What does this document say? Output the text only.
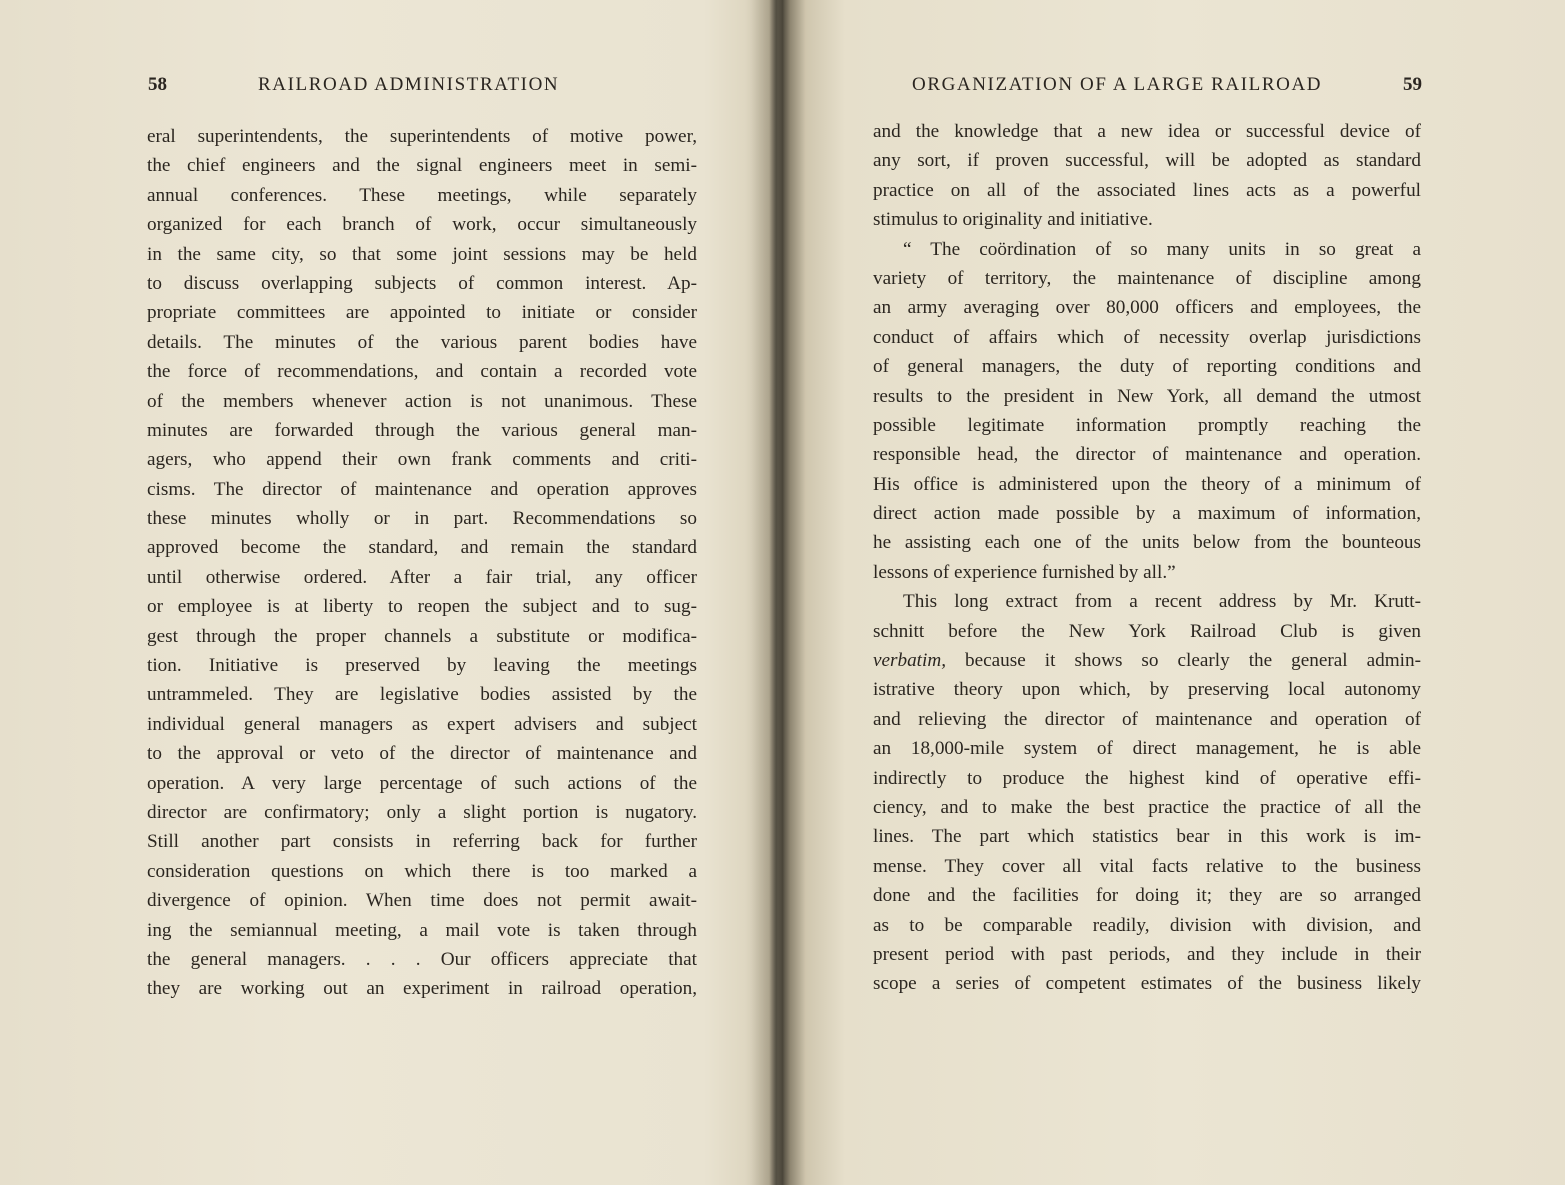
58	RAILROAD ADMINISTRATION
eral superintendents, the superintendents of motive power,
the chief engineers and the signal engineers meet in semi-
annual conferences. These meetings, while separately
organized for each branch of work, occur simultaneously
in the same city, so that some joint sessions may be held
to discuss overlapping subjects of common interest. Ap-
propriate committees are appointed to initiate or consider
details. The minutes of the various parent bodies have
the force of recommendations, and contain a recorded vote
of the members whenever action is not unanimous. These
minutes are forwarded through the various general man-
agers, who append their own frank comments and criti-
cisms. The director of maintenance and operation approves
these minutes wholly or in part. Recommendations so
approved become the standard, and remain the standard
until otherwise ordered. After a fair trial, any officer
or employee is at liberty to reopen the subject and to sug-
gest through the proper channels a substitute or modifica-
tion. Initiative is preserved by leaving the meetings
untrammeled. They are legislative bodies assisted by the
individual general managers as expert advisers and subject
to the approval or veto of the director of maintenance and
operation. A very large percentage of such actions of the
director are confirmatory; only a slight portion is nugatory.
Still another part consists in referring back for further
consideration questions on which there is too marked a
divergence of opinion. When time does not permit await-
ing the semiannual meeting, a mail vote is taken through
the general managers. . . . Our officers appreciate that
they are working out an experiment in railroad operation,
ORGANIZATION OF A LARGE RAILROAD	59
and the knowledge that a new idea or successful device of
any sort, if proven successful, will be adopted as standard
practice on all of the associated lines acts as a powerful
stimulus to originality and initiative.
“ The coördination of so many units in so great a
variety of territory, the maintenance of discipline among
an army averaging over 80,000 officers and employees, the
conduct of affairs which of necessity overlap jurisdictions
of general managers, the duty of reporting conditions and
results to the president in New York, all demand the utmost
possible legitimate information promptly reaching the
responsible head, the director of maintenance and operation.
His office is administered upon the theory of a minimum of
direct action made possible by a maximum of information,
he assisting each one of the units below from the bounteous
lessons of experience furnished by all.”
This long extract from a recent address by Mr. Krutt-
schnitt before the New York Railroad Club is given
verbatim, because it shows so clearly the general admin-
istrative theory upon which, by preserving local autonomy
and relieving the director of maintenance and operation of
an 18,000-mile system of direct management, he is able
indirectly to produce the highest kind of operative effi-
ciency, and to make the best practice the practice of all the
lines. The part which statistics bear in this work is im-
mense. They cover all vital facts relative to the business
done and the facilities for doing it; they are so arranged
as to be comparable readily, division with division, and
present period with past periods, and they include in their
scope a series of competent estimates of the business likely
